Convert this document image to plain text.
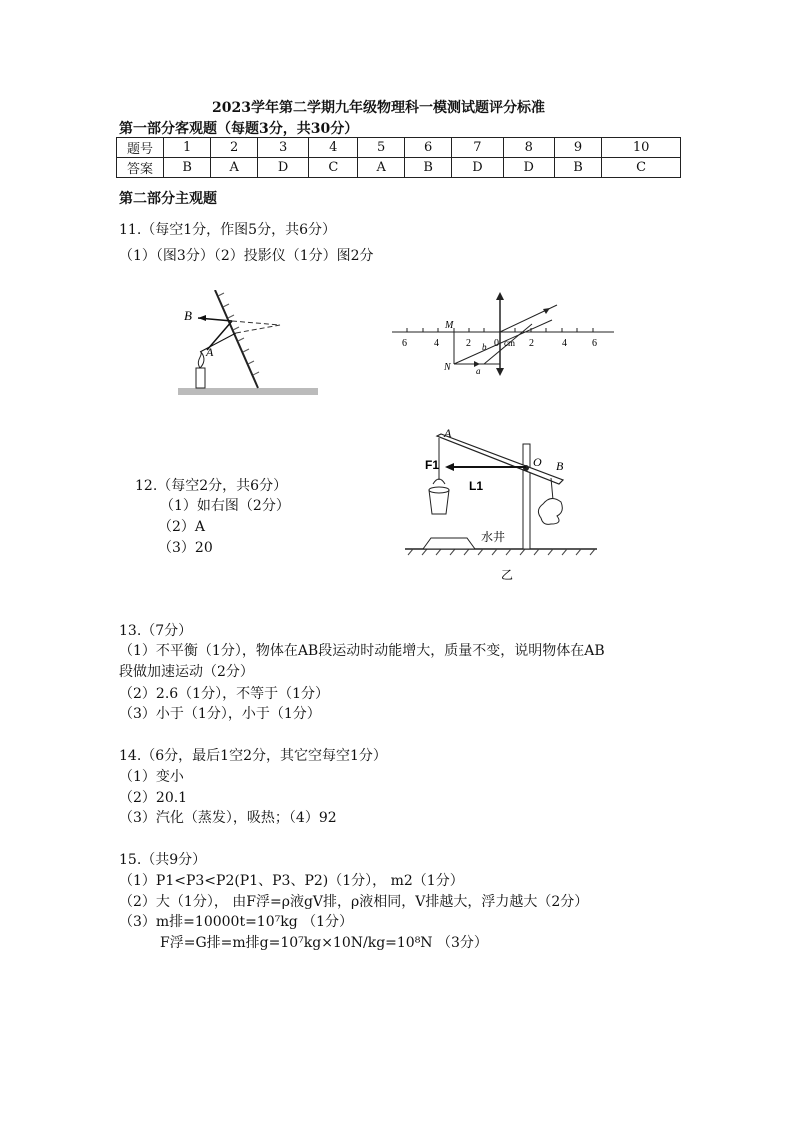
2023学年第二学期九年级物理科一模测试题评分标准
第一部分客观题（每题3分，共30分）
题号	1	2	3	4	5	6	7	8	9	10
答案	B	A	D	C	A	B	D	D	B	C
第二部分主观题
11.（每空1分，作图5分，共6分）
（1）（图3分）（2）投影仪（1分）图2分
B
A
6	4	2 0 cm 2	4	6
M
N	a
b
水井
A
O B
F1
L1
乙
12.（每空2分，共6分）
（1）如右图（2分）
（2）A
（3）20
13.（7分）
（1）不平衡（1分），物体在AB段运动时动能增大，质量不变，说明物体在AB
段做加速运动（2分）
（2）2.6（1分），不等于（1分）
（3）小于（1分），小于（1分）
14.（6分，最后1空2分，其它空每空1分）
（1）变小
（2）20.1
（3）汽化（蒸发），吸热；（4）92
15.（共9分）
（1）P1<P3<P2(P1、P3、P2)（1分）， m2（1分）
（2）大（1分）， 由F浮=ρ液gV排，ρ液相同，V排越大，浮力越大（2分）
（3）m排=10000t=10⁷kg （1分）
F浮=G排=m排g=10⁷kg×10N/kg=10⁸N （3分）
